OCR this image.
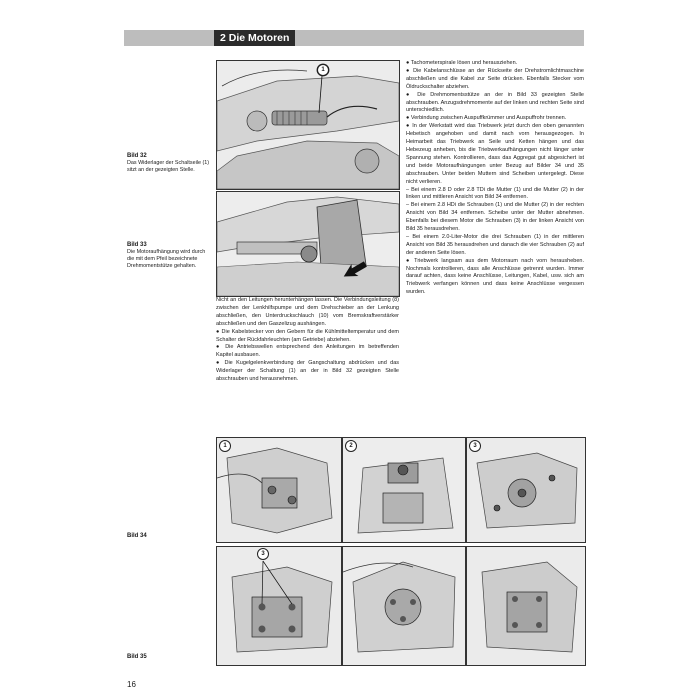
2 Die Motoren
1
Bild 32
Das Widerlager der Schaltseile (1) sitzt an der gezeigten Stelle.
Bild 33
Die Motoraufhängung wird durch die mit dem Pfeil bezeichnete Drehmomentstütze gehalten.

Nicht an den Leitungen herunterhängen lassen. Die Verbindungsleitung (8) zwischen der Lenkhilfspumpe und dem Drehschieber an der Lenkung abschließen, den Unterdruckschlauch (10) vom Bremskraftverstärker abschließen und den Gaszelizug aushängen.

● Die Kabelstecker von den Gebern für die Kühlmitteltemperatur und dem Schalter der Rückfahrleuchten (am Getriebe) abziehen.

● Die Antriebswellen entsprechend den Anleitungen im betreffenden Kapitel ausbauen.

● Die Kugelgelenkverbindung der Gangschaltung abdrücken und das Widerlager der Schaltung (1) an der in Bild 32 gezeigten Stelle abschrauben und herausnehmen.

● Tachometerspirale lösen und herausziehen.

● Die Kabelanschlüsse an der Rückseite der Drehstromlichtmaschine abschließen und die Kabel zur Seite drücken. Ebenfalls Stecker vom Öldruckschalter abziehen.

● Die Drehmomentsstütze an der in Bild 33 gezeigten Stelle abschrauben. Anzugsdrehmomente auf der linken und rechten Seite sind unterschiedlich.

● Verbindung zwischen Auspuffkrümmer und Auspuffrohr trennen.

● In der Werkstatt wird das Triebwerk jetzt durch den oben genannten Hebetisch angehoben und damit nach vorn herausgezogen. In Heimarbeit das Triebwerk an Seile und Ketten hängen und das Hebezeug anheben, bis die Triebwerkaufhängungen nicht länger unter Spannung stehen. Kontrollieren, dass das Aggregat gut abgesichert ist und beide Motoraufhängungen unter Bezug auf Bilder 34 und 35 abschrauben. Unter beiden Muttern sind Scheiben untergelegt. Diese nicht verlieren.

– Bei einem 2.8 D oder 2.8 TDi die Mutter (1) und die Mutter (2) in der linken und mittleren Ansicht von Bild 34 entfernen.

– Bei einem 2.8 HDi die Schrauben (1) und die Mutter (2) in der rechten Ansicht von Bild 34 entfernen. Scheibe unter der Mutter abnehmen. Ebenfalls bei diesem Motor die Schrauben (3) in der linken Ansicht von Bild 35 herausdrehen.

– Bei einem 2.0-Liter-Motor die drei Schrauben (1) in der mittleren Ansicht von Bild 35 herausdrehen und danach die vier Schrauben (2) auf der anderen Seite lösen.

● Triebwerk langsam aus dem Motorraum nach vorn herausheben. Nochmals kontrollieren, dass alle Anschlüsse getrennt wurden. Immer darauf achten, dass keine Anschlüsse, Leitungen, Kabel, usw. sich am Triebwerk verfangen können und dass keine Anschlüsse vergessen wurden.

1	2	3
Bild 34
3
Bild 35
16
